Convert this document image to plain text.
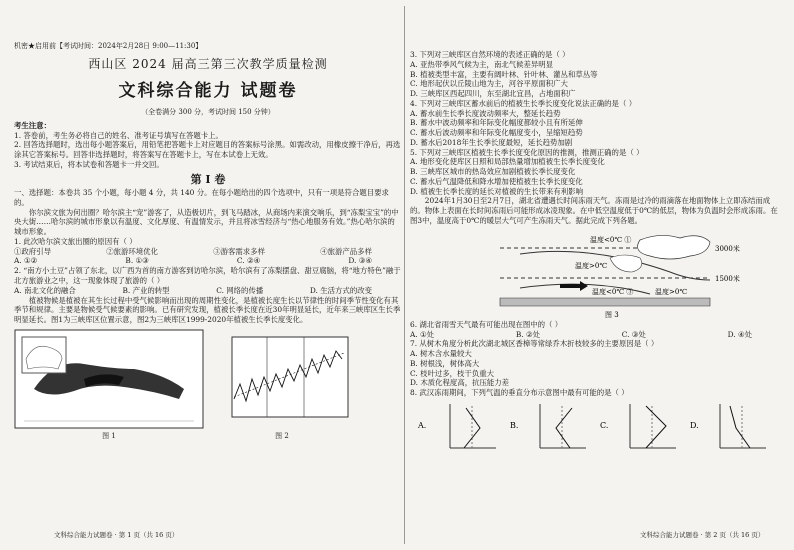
机密★启用前【考试时间：2024年2月28日 9:00—11:30】

西山区 2024 届高三第三次教学质量检测

文科综合能力 试题卷

（全卷满分 300 分，考试时间 150 分钟）

考生注意：

1. 答卷前，考生务必将自己的姓名、准考证号填写在答题卡上。

2. 回答选择题时，选出每小题答案后，用铅笔把答题卡上对应题目的答案标号涂黑。如需改动，用橡皮擦干净后，再选涂其它答案标号。回答非选择题时，将答案写在答题卡上，写在本试卷上无效。

3. 考试结束后，将本试卷和答题卡一并交回。

第 Ⅰ 卷

一、选择题：本卷共 35 个小题，每小题 4 分，共 140 分。在每小题给出的四个选项中，只有一项是符合题目要求的。

你尔滨文旅为何出圈？哈尔滨主“宠”游客了，从造极切片，到飞马踏冰，从商场内来演交响乐，到“冻梨宝宝”的中央大街……哈尔滨的城市形象以有温度、文化厚度、有温情发示，并且将冰雪经济与“热心地服务有效。”热心哈尔滨的城市形象。

1. 此次哈尔滨文旅出圈的原因有（ ）

①政府引导	②旅游环境优化	③游客需求多样	④旅游产品多样
A. ①②	B. ①③	C. ②④	D. ③④

2. “南方小土豆”占领了东北，以广西为首的南方游客到访哈尔滨，哈尔滨有了冻梨摆盘、甜豆腐脑，将“地方特色”融于北方旅游业之中，这一现象体现了旅游的（ ）

A. 南北文化的融合	B. 产业的转型	C. 网络的传播	D. 生活方式的改变

植被物候是植被在其生长过程中受气候影响而出现的周期性变化，是植被长度生长以节律性的时间季节性变化有其季节和规律。主要是物候受气候要素的影响。已有研究发现，植被长季长度在近30年明显延长，近年来三峡库区生长季明显延长。图1为三峡库区位置示意，图2为三峡库区1999-2020年植被生长季长度变化。

图 1	图 2

文科综合能力试题卷 · 第 1 页（共 16 页）

3. 下列对三峡库区自然环境的表述正确的是（ ）

A. 亚热带季风气候为主，南北气候差异明显

B. 植被类型丰富，主要有阔叶林、针叶林、灌丛和草丛等

C. 地形起伏以丘陵山地为主，河谷平原面积广大

D. 三峡库区西起四川，东至湖北宜昌，占地面积广

4. 下列对三峡库区蓄水前后的植被生长季长度变化说法正确的是（ ）

A. 蓄水前生长季长度波动频率大，整延长趋势

B. 蓄水中波动频率和年际变化幅度都较小且有所延伸

C. 蓄水后波动频率和年际变化幅度变小，呈缩短趋势

D. 蓄水后2018年生长季长度最短，延长趋势加剧

5. 下列对三峡库区植被生长季长度变化原因的推测，推测正确的是（ ）

A. 地形变化使库区日照和局部热量增加植被生长季长度变化

B. 三峡库区城市的热岛效应加剧植被长季长度变化

C. 蓄水后气温降低和降水增加使植被生长季长度变化

D. 植被生长季长度的延长对植被的生长带来有利影响

2024年1月30日至2月7日，湖北省遭遇长时间冻雨天气。冻雨是过冷的雨滴落在地面物体上立即冻结而成的。物体上表面在长时间冻雨后可能形成冰凌现象。在中低空温度低于0℃的低层，物体为负温时会形成冻雨。在图3中，温度高于0℃的暖层大气可产生冻雨天气。据此完成下列各题。

温度<0℃ ①
温度>0℃
温度<0℃ ③	温度>0℃
3000米
1500米
图 3

6. 湖北省雨雪天气最有可能出现在图中的（ ）

A. ①处	B. ②处	C. ③处	D. ④处

7. 从树木角度分析此次湖北城区香樟等常绿乔木折枝较多的主要原因是（ ）

A. 树木含水量较大

B. 树根浅，树体高大

C. 枝叶过多，枝干负重大

D. 木质化程度高，抗压能力差

8. 武汉冻雨期间，下列气温的垂直分布示意图中最有可能的是（ ）

A.	B.	C.	D.

文科综合能力试题卷 · 第 2 页（共 16 页）
